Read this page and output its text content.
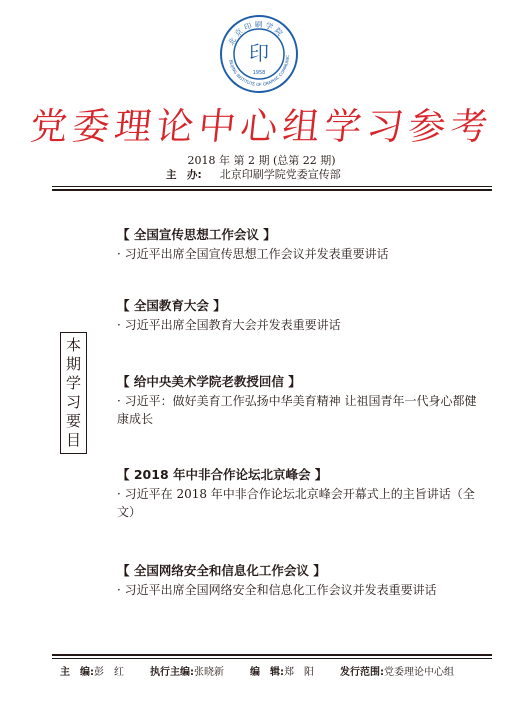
北京印刷学院
BEIJING INSTITUTE OF GRAPHIC COMMUNIC
印
1958
党委理论中心组学习参考
2018 年 第 2 期 (总第 22 期)
主　办: 北京印刷学院党委宣传部
本
期
学
习
要
目

【 全国宣传思想工作会议 】

· 习近平出席全国宣传思想工作会议并发表重要讲话

【 全国教育大会 】

· 习近平出席全国教育大会并发表重要讲话

【 给中央美术学院老教授回信 】

· 习近平：做好美育工作弘扬中华美育精神 让祖国青年一代身心都健康成长

【 2018 年中非合作论坛北京峰会 】

· 习近平在 2018 年中非合作论坛北京峰会开幕式上的主旨讲话（全文）

【 全国网络安全和信息化工作会议 】

· 习近平出席全国网络安全和信息化工作会议并发表重要讲话

主　编:彭　红	执行主编:张晓新	编　辑:郑　阳	发行范围:党委理论中心组
